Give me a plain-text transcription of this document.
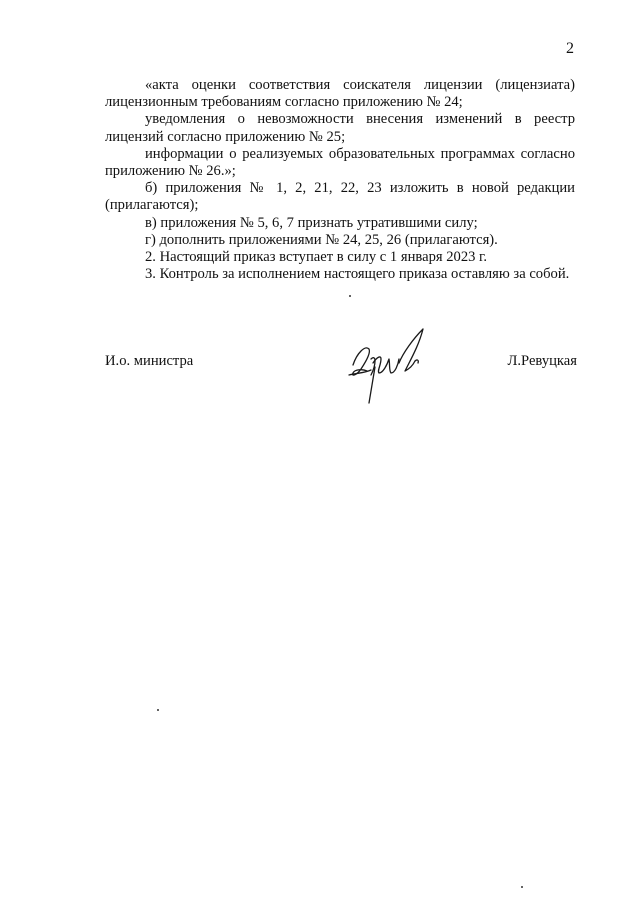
2

«акта оценки соответствия соискателя лицензии (лицензиата) лицензионным требованиям согласно приложению № 24;

уведомления о невозможности внесения изменений в реестр лицензий согласно приложению № 25;

информации о реализуемых образовательных программах согласно приложению № 26.»;

б) приложения № 1, 2, 21, 22, 23 изложить в новой редакции (прилагаются);

в) приложения № 5, 6, 7 признать утратившими силу;

г) дополнить приложениями № 24, 25, 26 (прилагаются).

2. Настоящий приказ вступает в силу с 1 января 2023 г.

3. Контроль за исполнением настоящего приказа оставляю за собой.

И.о. министра	Л.Ревуцкая
